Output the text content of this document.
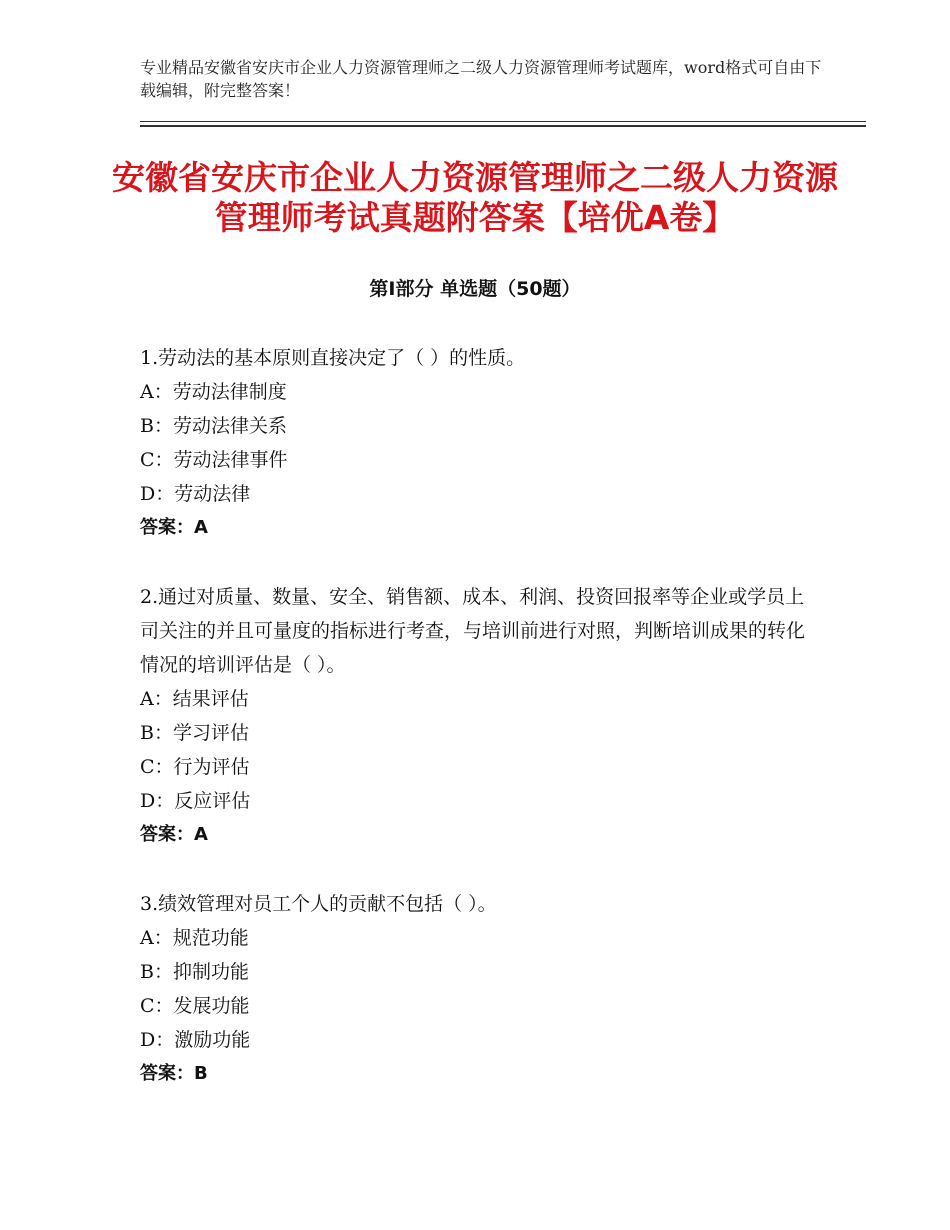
专业精品安徽省安庆市企业人力资源管理师之二级人力资源管理师考试题库，word格式可自由下载编辑，附完整答案！
安徽省安庆市企业人力资源管理师之二级人力资源管理师考试真题附答案【培优A卷】
第Ⅰ部分 单选题（50题）

1.劳动法的基本原则直接决定了（ ）的性质。

A：劳动法律制度

B：劳动法律关系

C：劳动法律事件

D：劳动法律

答案：A

2.通过对质量、数量、安全、销售额、成本、利润、投资回报率等企业或学员上司关注的并且可量度的指标进行考查，与培训前进行对照，判断培训成果的转化情况的培训评估是（ ）。

A：结果评估

B：学习评估

C：行为评估

D：反应评估

答案：A

3.绩效管理对员工个人的贡献不包括（ ）。

A：规范功能

B：抑制功能

C：发展功能

D：激励功能

答案：B
